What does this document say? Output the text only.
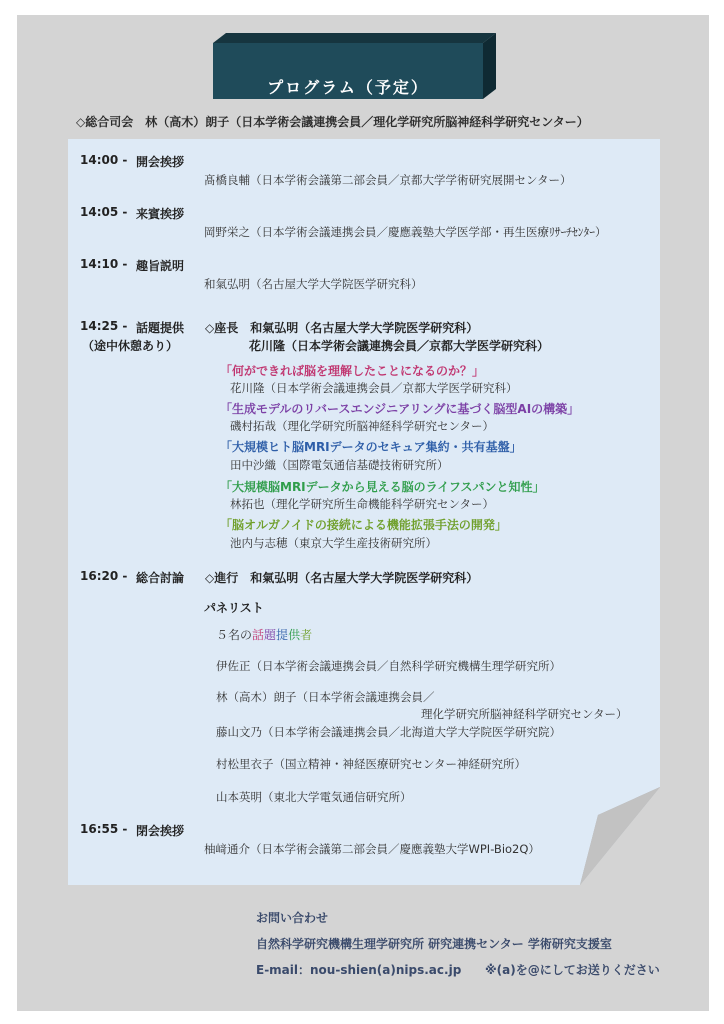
プログラム（予定）
◇総合司会　林（高木）朗子（日本学術会議連携会員／理化学研究所脳神経科学研究センター）
14:00 - 開会挨拶
髙橋良輔（日本学術会議第二部会員／京都大学学術研究展開センター）
14:05 - 来賓挨拶
岡野栄之（日本学術会議連携会員／慶應義塾大学医学部・再生医療ﾘｻｰﾁｾﾝﾀｰ）
14:10 - 趣旨説明
和氣弘明（名古屋大学大学院医学研究科）
14:25 - 話題提供
（途中休憩あり）
◇座長　和氣弘明（名古屋大学大学院医学研究科）
花川隆（日本学術会議連携会員／京都大学医学研究科）
「何ができれば脳を理解したことになるのか？」
花川隆（日本学術会議連携会員／京都大学医学研究科）
「生成モデルのリバースエンジニアリングに基づく脳型AIの構築」
磯村拓哉（理化学研究所脳神経科学研究センター）
「大規模ヒト脳MRIデータのセキュア集約・共有基盤」
田中沙織（国際電気通信基礎技術研究所）
「大規模脳MRIデータから見える脳のライフスパンと知性」
林拓也（理化学研究所生命機能科学研究センター）
「脳オルガノイドの接続による機能拡張手法の開発」
池内与志穂（東京大学生産技術研究所）
16:20 - 総合討論 ◇進行　和氣弘明（名古屋大学大学院医学研究科）
パネリスト
５名の話題提供者
伊佐正（日本学術会議連携会員／自然科学研究機構生理学研究所）
林（高木）朗子（日本学術会議連携会員／
理化学研究所脳神経科学研究センター）
藤山文乃（日本学術会議連携会員／北海道大学大学院医学研究院）
村松里衣子（国立精神・神経医療研究センター神経研究所）
山本英明（東北大学電気通信研究所）
16:55 - 閉会挨拶
柚﨑通介（日本学術会議第二部会員／慶應義塾大学WPI-Bio2Q）
お問い合わせ
自然科学研究機構生理学研究所 研究連携センター 学術研究支援室
E-mail：nou-shien(a)nips.ac.jp ※(a)を@にしてお送りください
